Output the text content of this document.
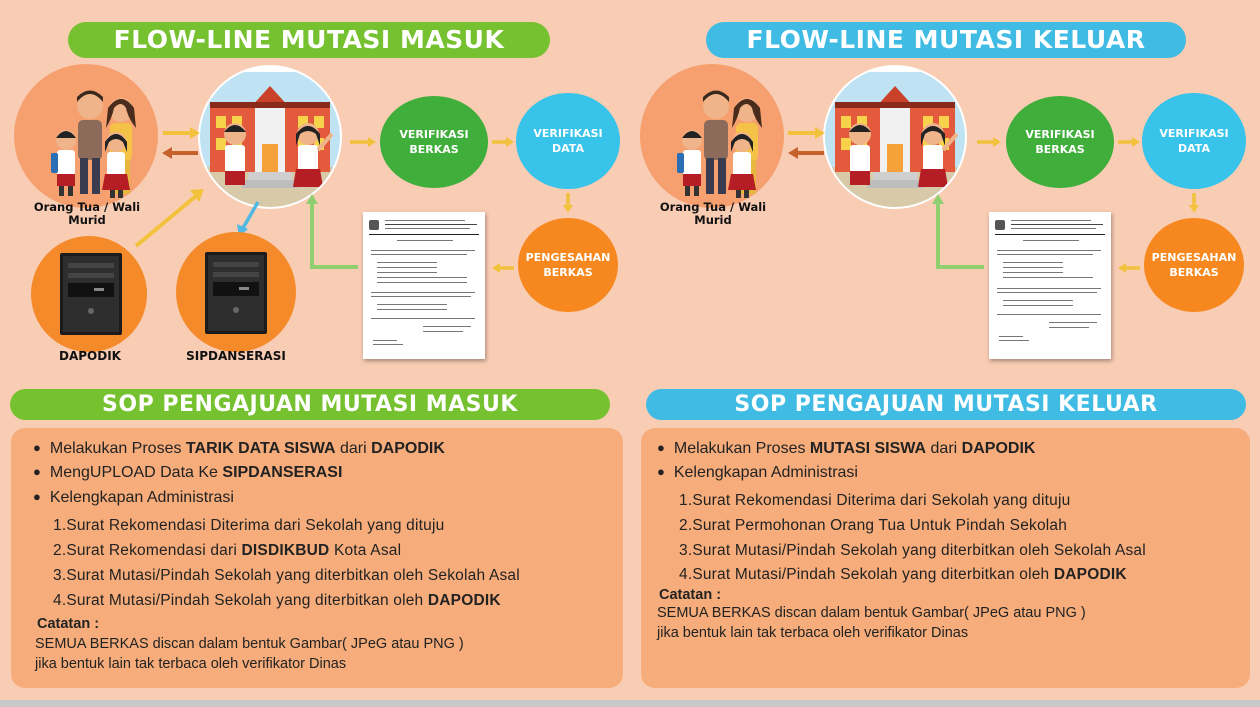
FLOW-LINE MUTASI MASUK	FLOW-LINE MUTASI KELUAR
Orang Tua / Wali
Murid
VERIFIKASI
BERKAS
VERIFIKASI
DATA
PENGESAHAN
BERKAS
DAPODIK	SIPDANSERASI
Orang Tua / Wali
Murid
VERIFIKASI
BERKAS
VERIFIKASI
DATA
PENGESAHAN
BERKAS
SOP PENGAJUAN MUTASI MASUK	SOP PENGAJUAN MUTASI KELUAR
● Melakukan Proses TARIK DATA SISWA dari DAPODIK
● MengUPLOAD Data Ke SIPDANSERASI
● Kelengkapan Administrasi
1.Surat Rekomendasi Diterima dari Sekolah yang dituju
2.Surat Rekomendasi dari DISDIKBUD Kota Asal
3.Surat Mutasi/Pindah Sekolah yang diterbitkan oleh Sekolah Asal
4.Surat Mutasi/Pindah Sekolah yang diterbitkan oleh DAPODIK
Catatan :
SEMUA BERKAS discan dalam bentuk Gambar( JPeG atau PNG )
jika bentuk lain tak terbaca oleh verifikator Dinas
● Melakukan Proses MUTASI SISWA dari DAPODIK
● Kelengkapan Administrasi
1.Surat Rekomendasi Diterima dari Sekolah yang dituju
2.Surat Permohonan Orang Tua Untuk Pindah Sekolah
3.Surat Mutasi/Pindah Sekolah yang diterbitkan oleh Sekolah Asal
4.Surat Mutasi/Pindah Sekolah yang diterbitkan oleh DAPODIK
Catatan :
SEMUA BERKAS discan dalam bentuk Gambar( JPeG atau PNG )
jika bentuk lain tak terbaca oleh verifikator Dinas
